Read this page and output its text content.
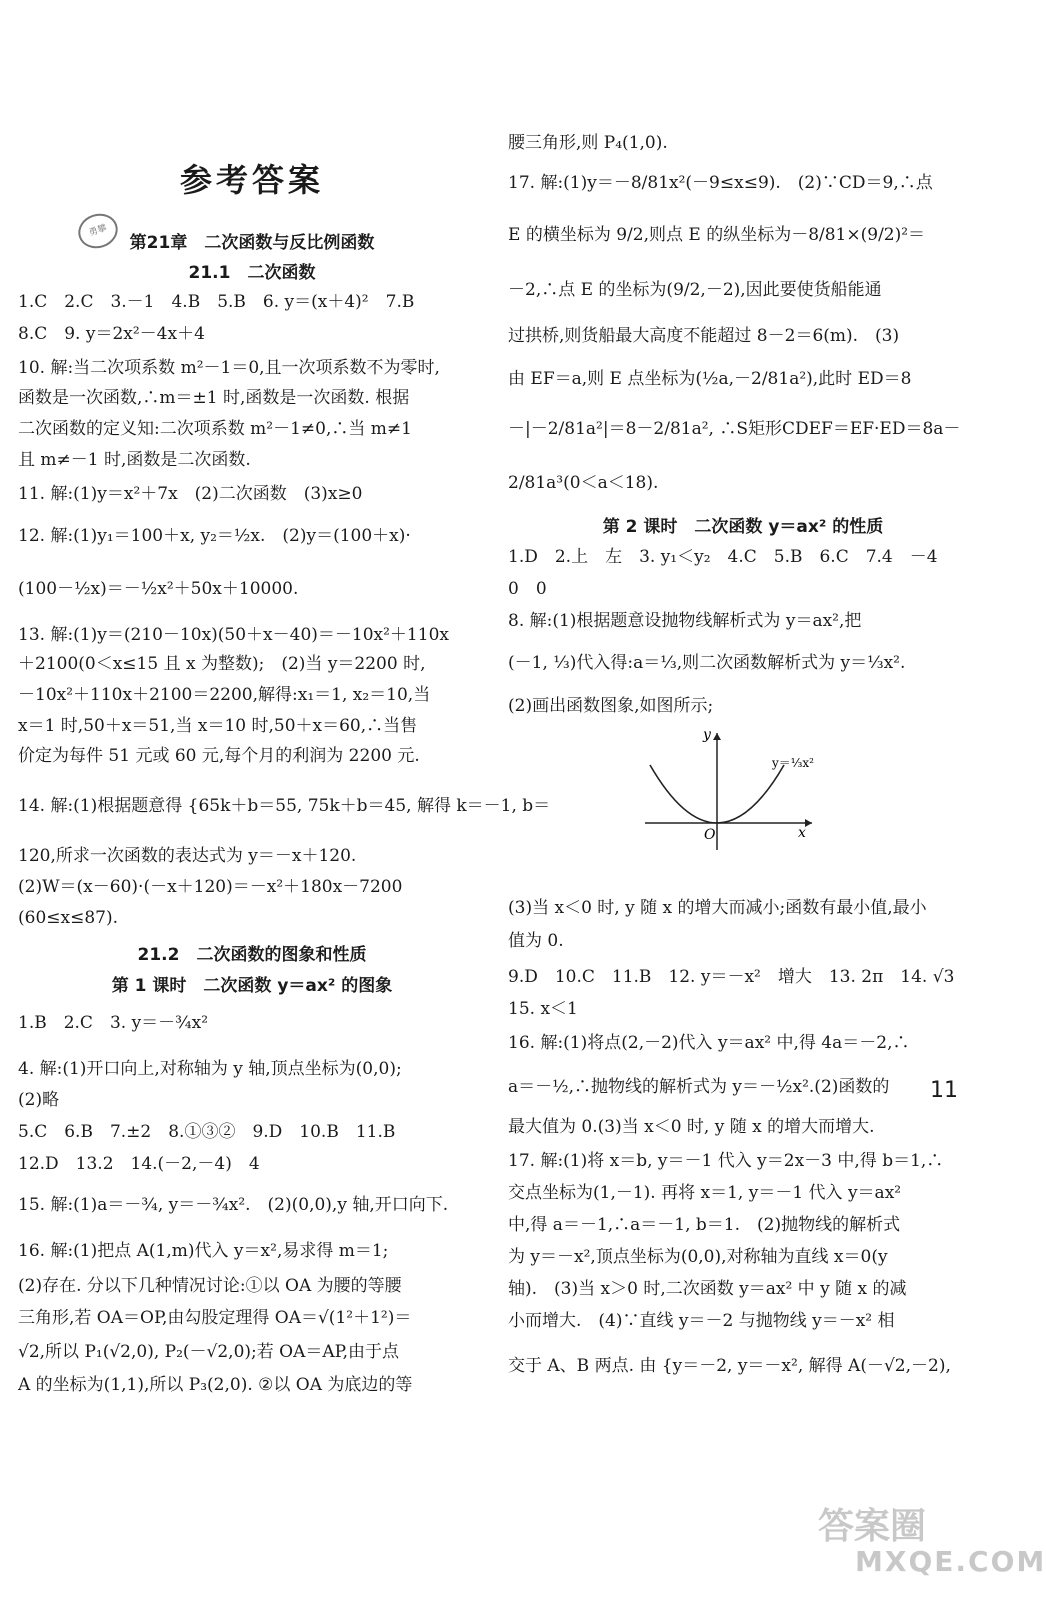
参考答案
勇攀
第21章　二次函数与反比例函数
21.1　二次函数
1.C　2.C　3.－1　4.B　5.B　6. y＝(x＋4)²　7.B
8.C　9. y＝2x²－4x＋4
10. 解:当二次项系数 m²－1＝0,且一次项系数不为零时,
函数是一次函数,∴m＝±1 时,函数是一次函数. 根据
二次函数的定义知:二次项系数 m²－1≠0,∴当 m≠1
且 m≠－1 时,函数是二次函数.
11. 解:(1)y＝x²＋7x　(2)二次函数　(3)x≥0
12. 解:(1)y₁＝100＋x, y₂＝½x.　(2)y＝(100＋x)·
(100－½x)＝－½x²＋50x＋10000.
13. 解:(1)y＝(210－10x)(50＋x－40)＝－10x²＋110x
＋2100(0＜x≤15 且 x 为整数);　(2)当 y＝2200 时,
－10x²＋110x＋2100＝2200,解得:x₁＝1, x₂＝10,当
x＝1 时,50＋x＝51,当 x＝10 时,50＋x＝60,∴当售
价定为每件 51 元或 60 元,每个月的利润为 2200 元.
14. 解:(1)根据题意得 {65k＋b＝55, 75k＋b＝45, 解得 k＝－1, b＝
120,所求一次函数的表达式为 y＝－x＋120.
(2)W＝(x－60)·(－x＋120)＝－x²＋180x－7200
(60≤x≤87).
21.2　二次函数的图象和性质
第 1 课时　二次函数 y＝ax² 的图象
1.B　2.C　3. y＝－¾x²
4. 解:(1)开口向上,对称轴为 y 轴,顶点坐标为(0,0);
(2)略
5.C　6.B　7.±2　8.①③②　9.D　10.B　11.B
12.D　13.2　14.(－2,－4)　4
15. 解:(1)a＝－¾, y＝－¾x².　(2)(0,0),y 轴,开口向下.
16. 解:(1)把点 A(1,m)代入 y＝x²,易求得 m＝1;
(2)存在. 分以下几种情况讨论:①以 OA 为腰的等腰
三角形,若 OA＝OP,由勾股定理得 OA＝√(1²＋1²)＝
√2,所以 P₁(√2,0), P₂(－√2,0);若 OA＝AP,由于点
A 的坐标为(1,1),所以 P₃(2,0). ②以 OA 为底边的等
腰三角形,则 P₄(1,0).
17. 解:(1)y＝－8/81x²(－9≤x≤9).　(2)∵CD＝9,∴点
E 的横坐标为 9/2,则点 E 的纵坐标为－8/81×(9/2)²＝
－2,∴点 E 的坐标为(9/2,－2),因此要使货船能通
过拱桥,则货船最大高度不能超过 8－2＝6(m).　(3)
由 EF＝a,则 E 点坐标为(½a,－2/81a²),此时 ED＝8
－|－2/81a²|＝8－2/81a², ∴S矩形CDEF＝EF·ED＝8a－
2/81a³(0＜a＜18).
第 2 课时　二次函数 y＝ax² 的性质
1.D　2.上　左　3. y₁＜y₂　4.C　5.B　6.C　7.4　－4
0　0
8. 解:(1)根据题意设抛物线解析式为 y＝ax²,把
(－1, ⅓)代入得:a＝⅓,则二次函数解析式为 y＝⅓x².
(2)画出函数图象,如图所示;
(3)当 x＜0 时, y 随 x 的增大而减小;函数有最小值,最小
值为 0.
9.D　10.C　11.B　12. y＝－x²　增大　13. 2π　14. √3
15. x＜1
16. 解:(1)将点(2,－2)代入 y＝ax² 中,得 4a＝－2,∴
a＝－½,∴抛物线的解析式为 y＝－½x².(2)函数的
最大值为 0.(3)当 x＜0 时, y 随 x 的增大而增大.
17. 解:(1)将 x＝b, y＝－1 代入 y＝2x－3 中,得 b＝1,∴
交点坐标为(1,－1). 再将 x＝1, y＝－1 代入 y＝ax²
中,得 a＝－1,∴a＝－1, b＝1.　(2)抛物线的解析式
为 y＝－x²,顶点坐标为(0,0),对称轴为直线 x＝0(y
轴).　(3)当 x＞0 时,二次函数 y＝ax² 中 y 随 x 的减
小而增大.　(4)∵直线 y＝－2 与抛物线 y＝－x² 相
交于 A、B 两点. 由 {y＝－2, y＝－x², 解得 A(－√2,－2),
y
x
O
y＝⅓x²
11
答案圈
MXQE.COM
